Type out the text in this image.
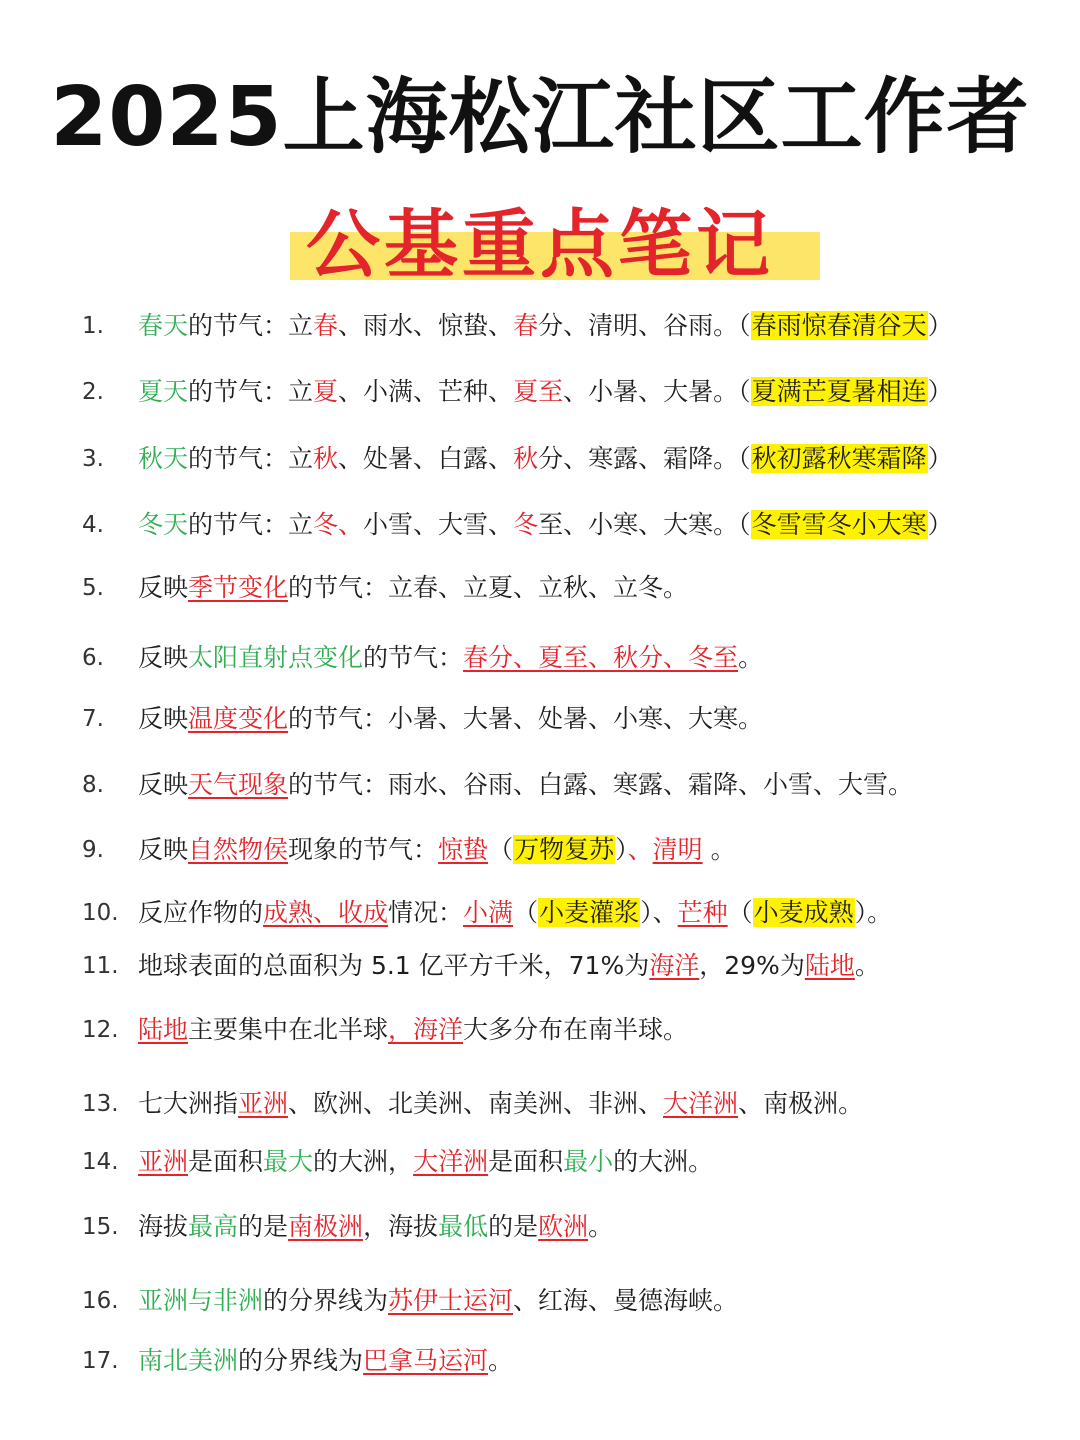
2025上海松江社区工作者
公基重点笔记
1.	春天的节气：立春、雨水、惊蛰、春分、清明、谷雨。（春雨惊春清谷天）
2.	夏天的节气：立夏、小满、芒种、夏至、小暑、大暑。（夏满芒夏暑相连）
3.	秋天的节气：立秋、处暑、白露、秋分、寒露、霜降。（秋初露秋寒霜降）
4.	冬天的节气：立冬、小雪、大雪、冬至、小寒、大寒。（冬雪雪冬小大寒）
5.	反映季节变化的节气：立春、立夏、立秋、立冬。
6.	反映太阳直射点变化的节气：春分、夏至、秋分、冬至。
7.	反映温度变化的节气：小暑、大暑、处暑、小寒、大寒。
8.	反映天气现象的节气：雨水、谷雨、白露、寒露、霜降、小雪、大雪。
9.	反映自然物侯现象的节气：惊蛰（万物复苏）、清明 。
10. 反应作物的成熟、收成情况：小满（小麦灌浆）、芒种（小麦成熟）。
11. 地球表面的总面积为 5.1 亿平方千米，71%为海洋，29%为陆地。
12. 陆地主要集中在北半球，海洋大多分布在南半球。
13. 七大洲指亚洲、欧洲、北美洲、南美洲、非洲、大洋洲、南极洲。
14. 亚洲是面积最大的大洲，大洋洲是面积最小的大洲。
15. 海拔最高的是南极洲，海拔最低的是欧洲。
16. 亚洲与非洲的分界线为苏伊士运河、红海、曼德海峡。
17. 南北美洲的分界线为巴拿马运河。
